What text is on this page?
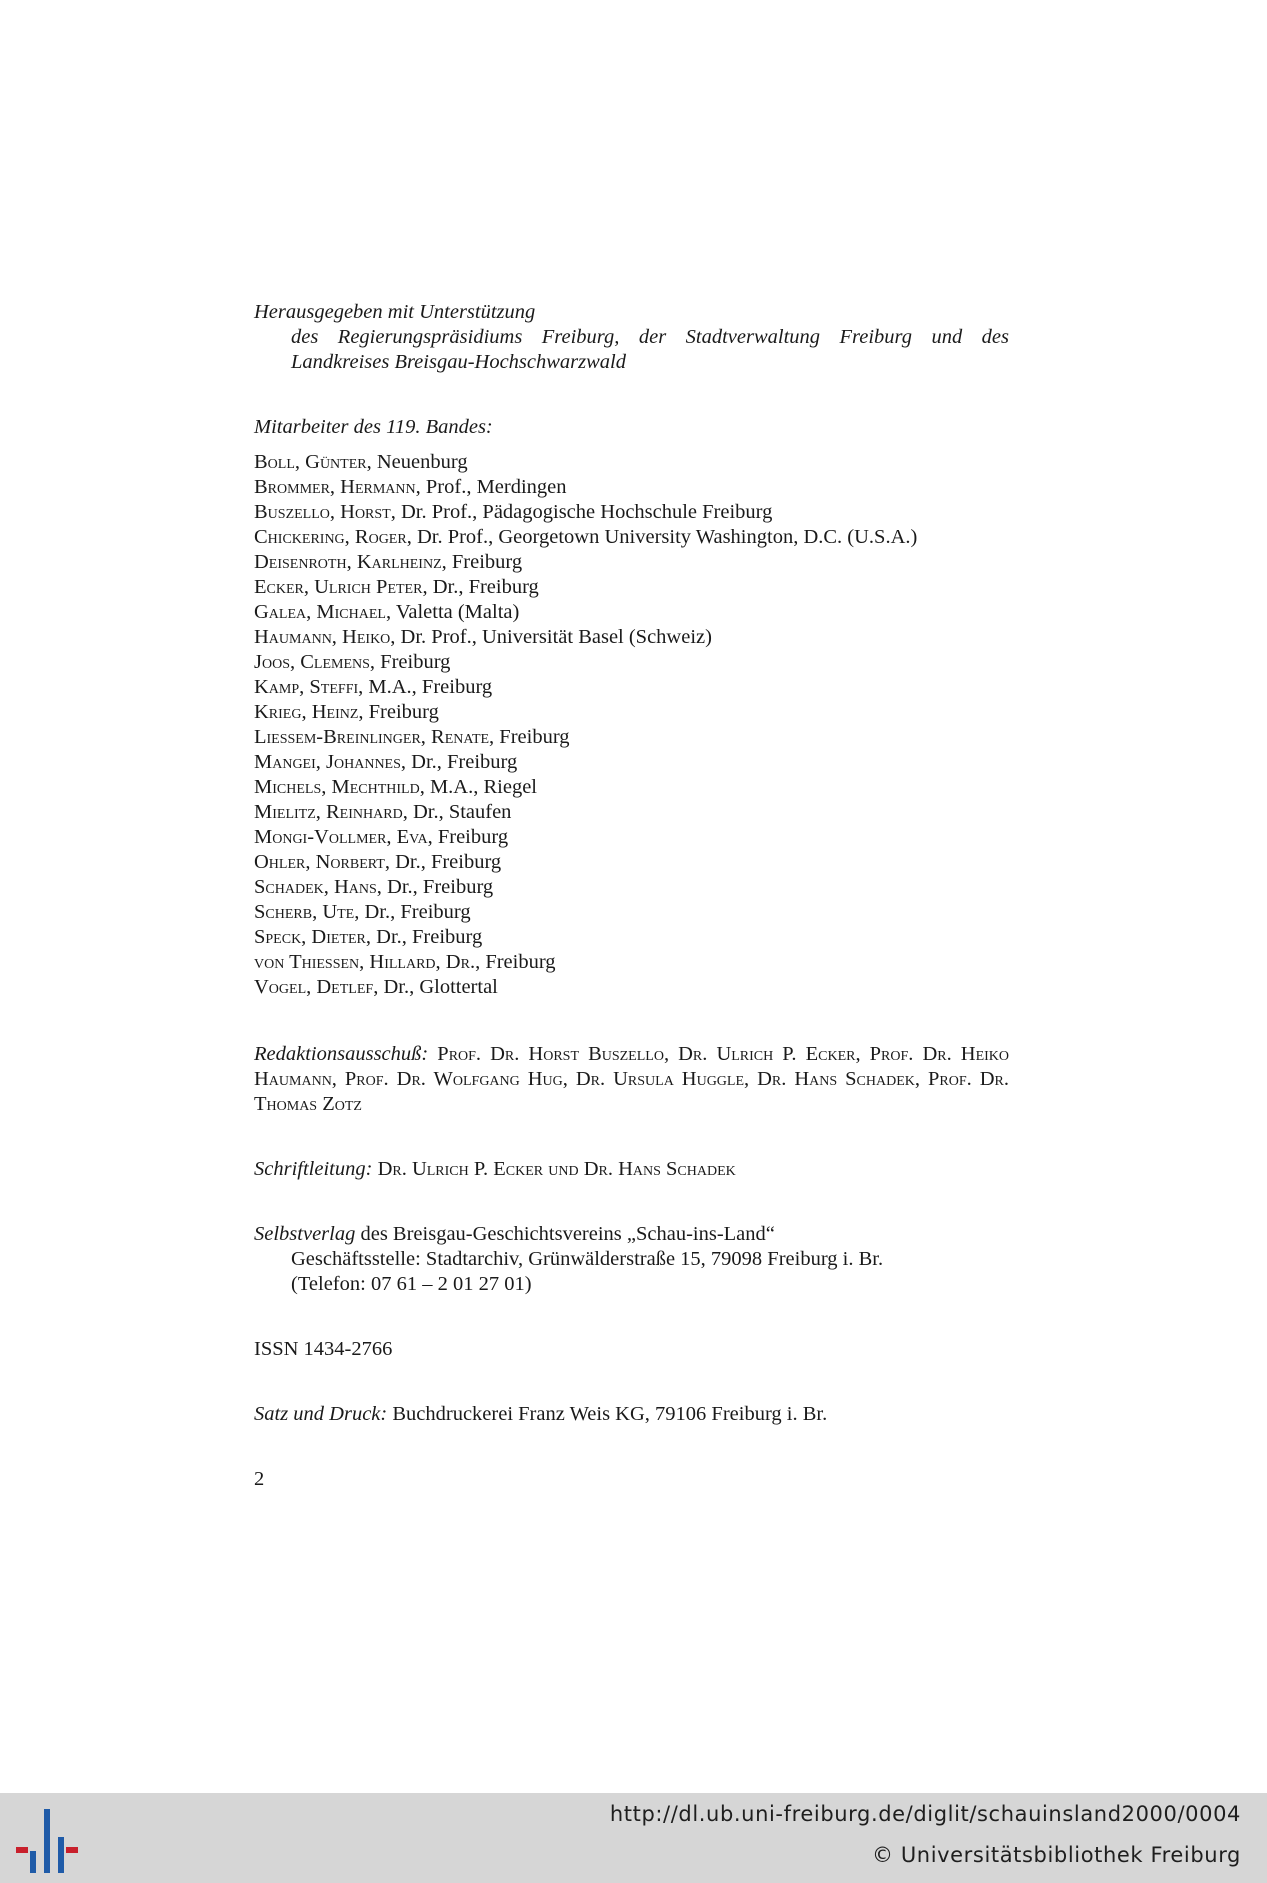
Herausgegeben mit Unterstützung

des Regierungspräsidiums Freiburg, der Stadtverwaltung Freiburg und des Landkreises Breisgau-Hochschwarzwald

Mitarbeiter des 119. Bandes:

Boll, Günter, Neuenburg
Brommer, Hermann, Prof., Merdingen
Buszello, Horst, Dr. Prof., Pädagogische Hochschule Freiburg
Chickering, Roger, Dr. Prof., Georgetown University Washington, D.C. (U.S.A.)
Deisenroth, Karlheinz, Freiburg
Ecker, Ulrich Peter, Dr., Freiburg
Galea, Michael, Valetta (Malta)
Haumann, Heiko, Dr. Prof., Universität Basel (Schweiz)
Joos, Clemens, Freiburg
Kamp, Steffi, M.A., Freiburg
Krieg, Heinz, Freiburg
Liessem-Breinlinger, Renate, Freiburg
Mangei, Johannes, Dr., Freiburg
Michels, Mechthild, M.A., Riegel
Mielitz, Reinhard, Dr., Staufen
Mongi-Vollmer, Eva, Freiburg
Ohler, Norbert, Dr., Freiburg
Schadek, Hans, Dr., Freiburg
Scherb, Ute, Dr., Freiburg
Speck, Dieter, Dr., Freiburg
von Thiessen, Hillard, Dr., Freiburg
Vogel, Detlef, Dr., Glottertal
Redaktionsausschuß: Prof. Dr. Horst Buszello, Dr. Ulrich P. Ecker, Prof. Dr. Heiko Haumann, Prof. Dr. Wolfgang Hug, Dr. Ursula Huggle, Dr. Hans Schadek, Prof. Dr. Thomas Zotz
Schriftleitung: Dr. Ulrich P. Ecker und Dr. Hans Schadek
Selbstverlag des Breisgau-Geschichtsvereins „Schau-ins-Land“
Geschäftsstelle: Stadtarchiv, Grünwälderstraße 15, 79098 Freiburg i. Br.
(Telefon: 07 61 – 2 01 27 01)
ISSN 1434-2766
Satz und Druck: Buchdruckerei Franz Weis KG, 79106 Freiburg i. Br.
2
http://dl.ub.uni-freiburg.de/diglit/schauinsland2000/0004
© Universitätsbibliothek Freiburg
